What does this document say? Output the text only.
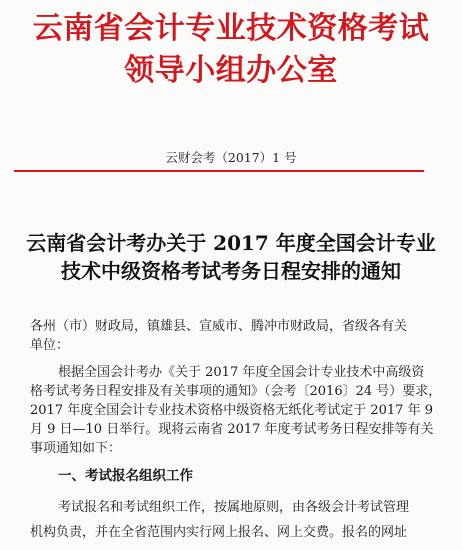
云南省会计专业技术资格考试
领导小组办公室
云财会考（2017）1 号
云南省会计考办关于 2017 年度全国会计专业
技术中级资格考试考务日程安排的通知
各州（市）财政局，镇雄县、宣威市、腾冲市财政局，省级各有关
单位：
根据全国会计考办《关于 2017 年度全国会计专业技术中高级资
格考试考务日程安排及有关事项的通知》（会考〔2016〕24 号）要求，
2017 年度全国会计专业技术资格中级资格无纸化考试定于 2017 年 9
月 9 日—10 日举行。现将云南省 2017 年度考试考务日程安排等有关
事项通知如下：
一、考试报名组织工作
考试报名和考试组织工作，按属地原则，由各级会计考试管理
机构负责，并在全省范围内实行网上报名、网上交费。报名的网址
